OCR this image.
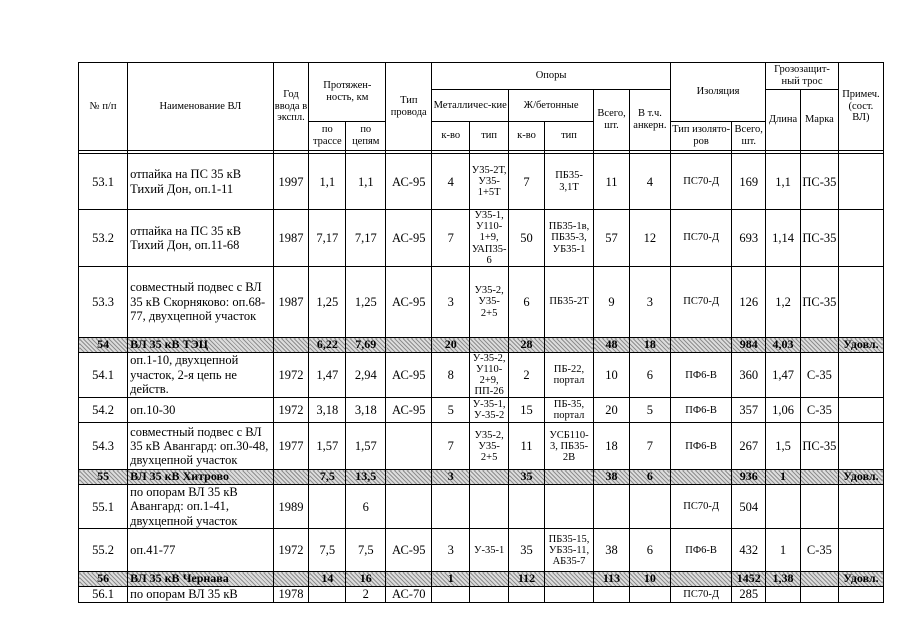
№ п/п	Наименование ВЛ	Год ввода в экспл.	Протяжен-ность, км		Тип провода	Опоры						Изоляция		Грозозащит-ный трос		Примеч. (сост. ВЛ)
						Металличес-кие		Ж/бетонные		Всего, шт.	В т.ч. анкерн.			Длина	Марка	
			по трассе	по цепям		к-во	тип	к-во	тип			Тип изолято-ров	Всего, шт.			

53.1	отпайка на ПС 35 кВ Тихий Дон, оп.1-11	1997	1,1	1,1	АС-95	4	У35-2Т, У35-1+5Т	7	ПБ35-3,1Т	11	4	ПС70-Д	169	1,1	ПС-35	
53.2	отпайка на ПС 35 кВ Тихий Дон, оп.11-68	1987	7,17	7,17	АС-95	7	У35-1, У110-1+9, УАП35-6	50	ПБ35-1в, ПБ35-3, УБ35-1	57	12	ПС70-Д	693	1,14	ПС-35	
53.3	совместный подвес с ВЛ 35 кВ Скорняково: оп.68-77, двухцепной участок	1987	1,25	1,25	АС-95	3	У35-2, У35-2+5	6	ПБ35-2Т	9	3	ПС70-Д	126	1,2	ПС-35	
54	ВЛ 35 кВ ТЭЦ		6,22	7,69		20		28		48	18		984	4,03		Удовл.
54.1	оп.1-10, двухцепной участок, 2-я цепь не действ.	1972	1,47	2,94	АС-95	8	У-35-2, У110-2+9, ПП-26	2	ПБ-22, портал	10	6	ПФ6-В	360	1,47	С-35	
54.2	оп.10-30	1972	3,18	3,18	АС-95	5	У-35-1, У-35-2	15	ПБ-35, портал	20	5	ПФ6-В	357	1,06	С-35	
54.3	совместный подвес с ВЛ 35 кВ Авангард: оп.30-48, двухцепной участок	1977	1,57	1,57		7	У35-2, У35-2+5	11	УСБ110-3, ПБ35-2В	18	7	ПФ6-В	267	1,5	ПС-35	
55	ВЛ 35 кВ Хитрово		7,5	13,5		3		35		38	6		936	1		Удовл.
55.1	по опорам ВЛ 35 кВ Авангард: оп.1-41, двухцепной участок	1989		6								ПС70-Д	504			
55.2	оп.41-77	1972	7,5	7,5	АС-95	3	У-35-1	35	ПБ35-15, УБ35-11, АБ35-7	38	6	ПФ6-В	432	1	С-35	
56	ВЛ 35 кВ Чернава		14	16		1		112		113	10		1452	1,38		Удовл.
56.1	по опорам ВЛ 35 кВ	1978		2	АС-70							ПС70-Д	285			
